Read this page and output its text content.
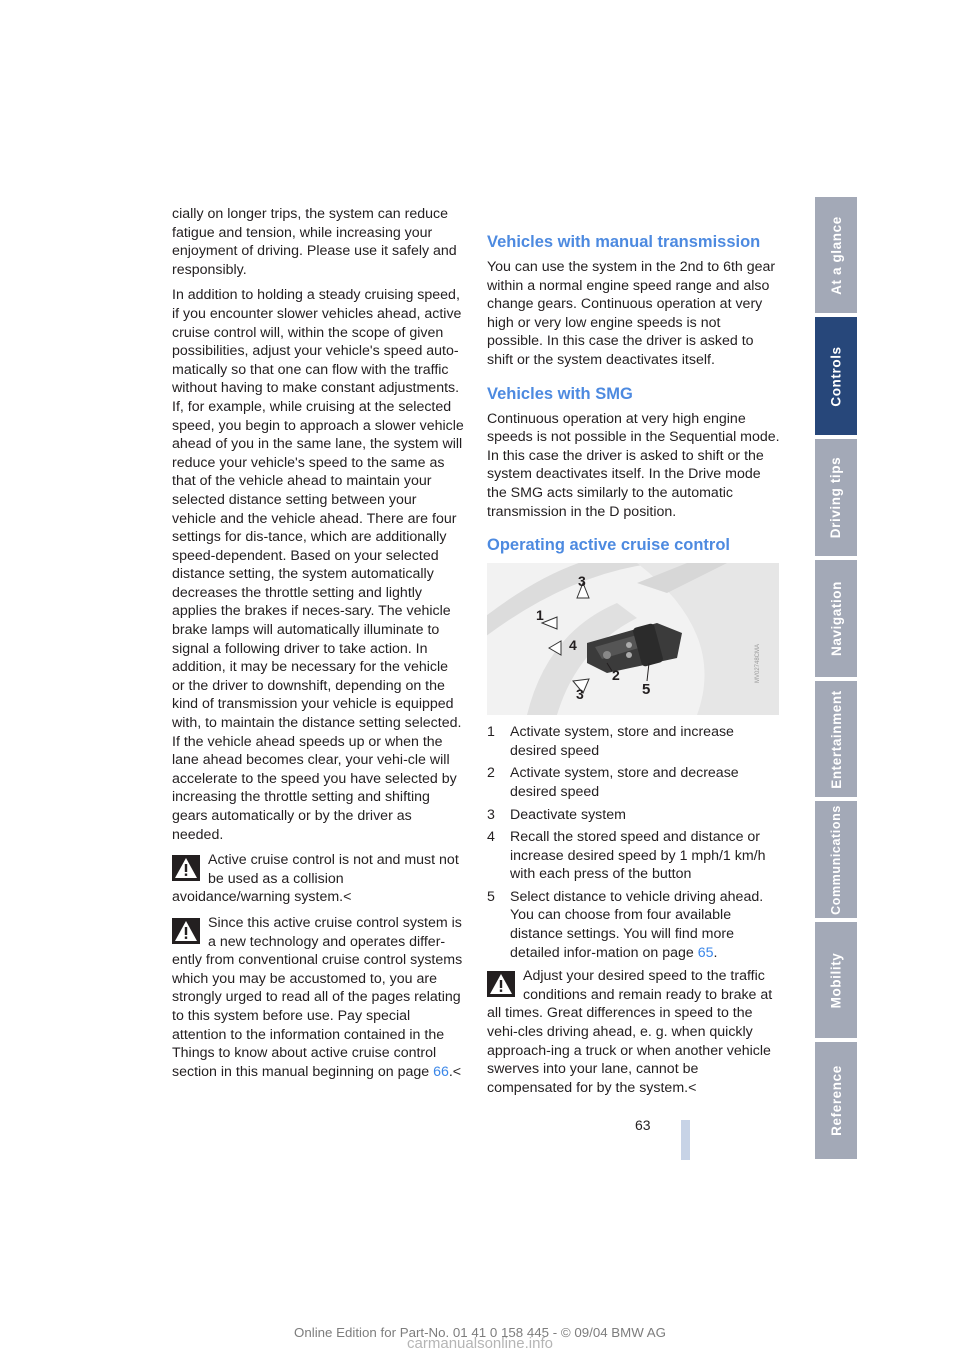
cially on longer trips, the system can reduce fatigue and tension, while increasing your enjoyment of driving. Please use it safely and responsibly.

In addition to holding a steady cruising speed, if you encounter slower vehicles ahead, active cruise control will, within the scope of given possibilities, adjust your vehicle's speed auto-matically so that one can flow with the traffic without having to make constant adjustments. If, for example, while cruising at the selected speed, you begin to approach a slower vehicle ahead of you in the same lane, the system will reduce your vehicle's speed to the same as that of the vehicle ahead to maintain your selected distance setting between your vehicle and the vehicle ahead. There are four settings for dis-tance, which are additionally speed-dependent. Based on your selected distance setting, the system automatically decreases the throttle setting and lightly applies the brakes if neces-sary. The vehicle brake lamps will automatically illuminate to signal a following driver to take action. In addition, it may be necessary for the vehicle or the driver to downshift, depending on the kind of transmission your vehicle is equipped with, to maintain the distance setting selected. If the vehicle ahead speeds up or when the lane ahead becomes clear, your vehi-cle will accelerate to the speed you have selected by increasing the throttle setting and shifting gears automatically or by the driver as needed.

Active cruise control is not and must not be used as a collision avoidance/warning system.<
Since this active cruise control system is a new technology and operates differ-ently from conventional cruise control systems which you may be accustomed to, you are strongly urged to read all of the pages relating to this system before use. Pay special attention to the information contained in the Things to know about active cruise control section in this manual beginning on page 66.<
Vehicles with manual transmission

You can use the system in the 2nd to 6th gear within a normal engine speed range and also change gears. Continuous operation at very high or very low engine speeds is not possible. In this case the driver is asked to shift or the system deactivates itself.

Vehicles with SMG

Continuous operation at very high engine speeds is not possible in the Sequential mode. In this case the driver is asked to shift or the system deactivates itself. In the Drive mode the SMG acts similarly to the automatic transmission in the D position.

Operating active cruise control
1
2
3
3
4
5
MV02748CMA
1 Activate system, store and increase desired speed
2 Activate system, store and decrease desired speed
3 Deactivate system
4 Recall the stored speed and distance or increase desired speed by 1 mph/1 km/h with each press of the button
5 Select distance to vehicle driving ahead. You can choose from four available distance settings. You will find more detailed infor-mation on page 65.
Adjust your desired speed to the traffic conditions and remain ready to brake at all times. Great differences in speed to the vehi-cles driving ahead, e. g. when quickly approach-ing a truck or when another vehicle swerves into your lane, cannot be compensated for by the system.<
At a glance
Controls
Driving tips
Navigation
Entertainment
Communications
Mobility
Reference
63
Online Edition for Part-No. 01 41 0 158 445 - © 09/04 BMW AG
carmanualsonline.info
